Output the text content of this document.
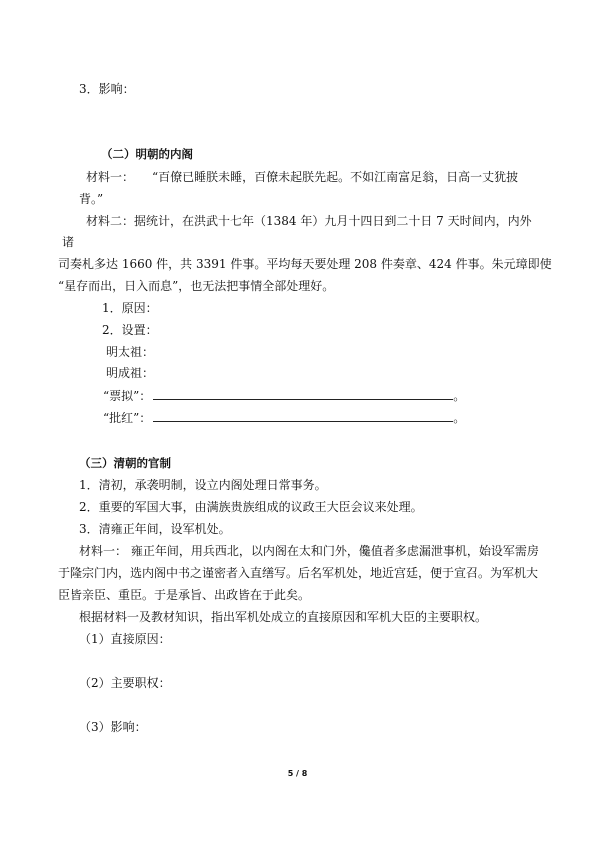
3．影响：
（二）明朝的内阁
材料一：　　“百僚已睡朕未睡，百僚未起朕先起。不如江南富足翁，日高一丈犹披
背。”
材料二：据统计，在洪武十七年（1384 年）九月十四日到二十日 7 天时间内，内外
诸
司奏札多达 1660 件，共 3391 件事。平均每天要处理 208 件奏章、424 件事。朱元璋即使
“星存而出，日入而息”，也无法把事情全部处理好。
1．原因：
2．设置：
明太祖：
明成祖：
“票拟”：	。
“批红”：	。
（三）清朝的官制
1．清初，承袭明制，设立内阁处理日常事务。
2．重要的军国大事，由满族贵族组成的议政王大臣会议来处理。
3．清雍正年间，设军机处。
材料一： 雍正年间，用兵西北，以内阁在太和门外，儳值者多虑漏泄事机，始设军需房
于隆宗门内，选内阁中书之谨密者入直缮写。后名军机处，地近宫廷，便于宣召。为军机大
臣皆亲臣、重臣。于是承旨、出政皆在于此矣。
根据材料一及教材知识，指出军机处成立的直接原因和军机大臣的主要职权。
（1）直接原因：
（2）主要职权：
（3）影响：
5 / 8
